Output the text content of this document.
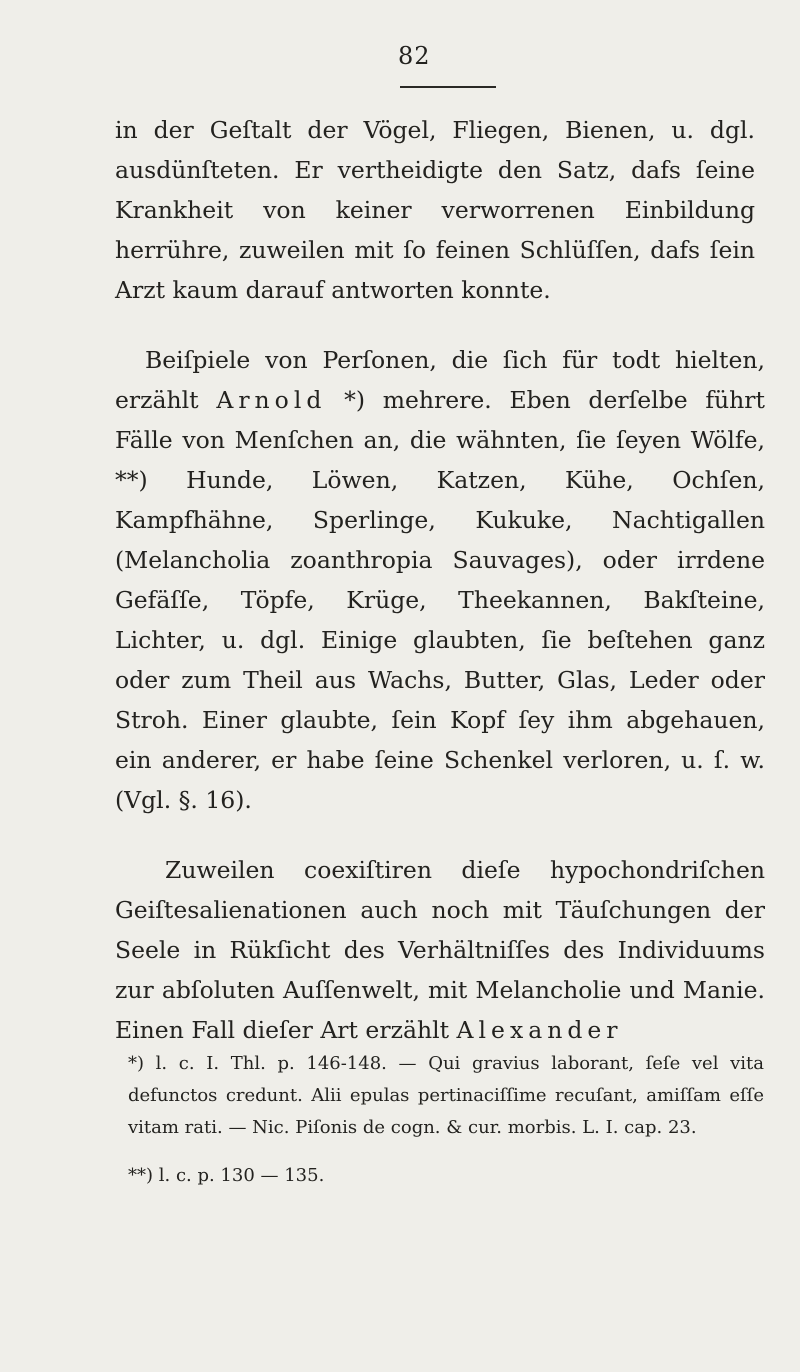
82

in der Geſtalt der Vögel, Fliegen, Bienen, u. dgl. ausdünſteten. Er vertheidigte den Satz, dafs ſeine Krankheit von keiner verworrenen Einbildung herrühre, zuweilen mit ſo feinen Schlüſſen, dafs ſein Arzt kaum darauf antworten konnte.

Beiſpiele von Perſonen, die ſich für todt hielten, erzählt Arnold *) mehrere. Eben derſelbe führt Fälle von Menſchen an, die wähnten, ſie ſeyen Wölfe, **) Hunde, Löwen, Katzen, Kühe, Ochſen, Kampfhähne, Sperlinge, Kukuke, Nachtigallen (Melancholia zoanthropia Sauvages), oder irrdene Gefäſſe, Töpfe, Krüge, Theekannen, Bakſteine, Lichter, u. dgl. Einige glaubten, ſie beſtehen ganz oder zum Theil aus Wachs, Butter, Glas, Leder oder Stroh. Einer glaubte, ſein Kopf ſey ihm abgehauen, ein anderer, er habe ſeine Schenkel verloren, u. ſ. w. (Vgl. §. 16).

Zuweilen coexiſtiren dieſe hypochondriſchen Geiſtesalienationen auch noch mit Täuſchungen der Seele in Rükſicht des Verhältniſſes des Individuums zur abſoluten Auſſenwelt, mit Melancholie und Manie. Einen Fall dieſer Art erzählt Alexander

*) l. c. I. Thl. p. 146-148. — Qui gravius laborant, ſeſe vel vita defunctos credunt. Alii epulas pertinaciſſime recuſant, amiſſam eſſe vitam rati. — Nic. Piſonis de cogn. & cur. morbis. L. I. cap. 23.

**) l. c. p. 130 — 135.
